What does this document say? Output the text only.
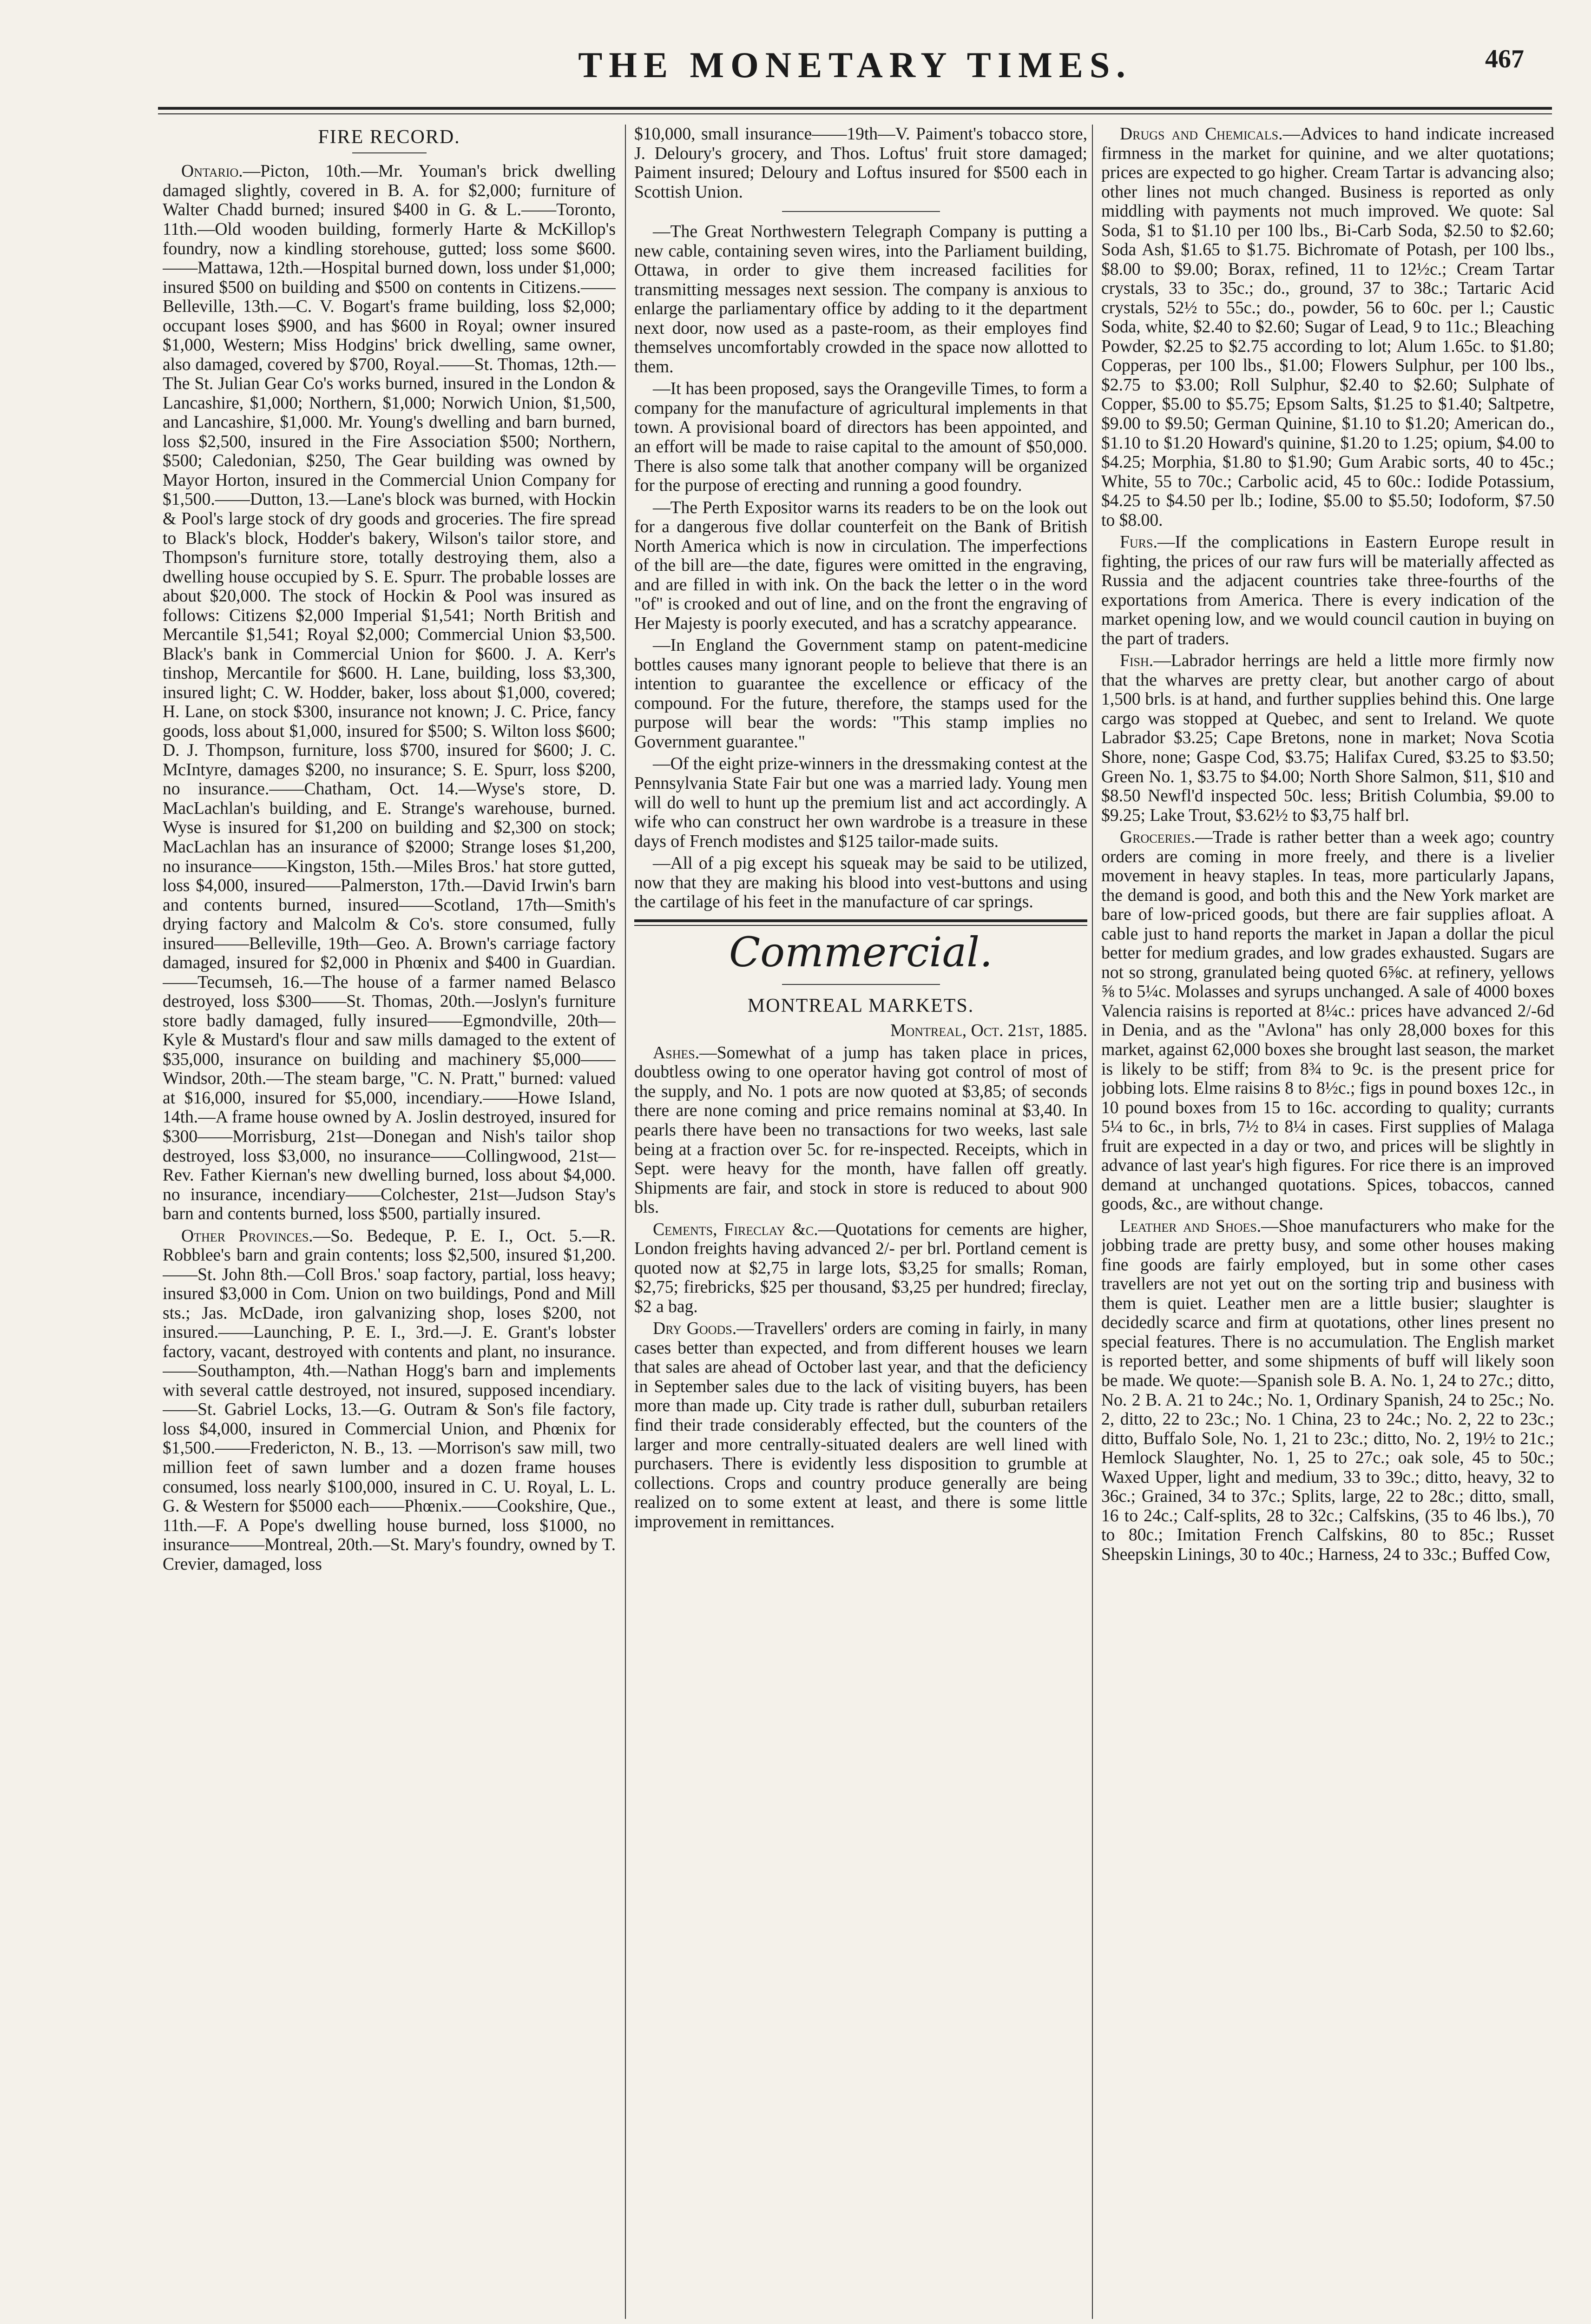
THE MONETARY TIMES.	467
FIRE RECORD.

Ontario.—Picton, 10th.—Mr. Youman's brick dwelling damaged slightly, covered in B. A. for $2,000; furniture of Walter Chadd burned; insured $400 in G. & L.——Toronto, 11th.—Old wooden building, formerly Harte & McKillop's foundry, now a kindling storehouse, gutted; loss some $600.——Mattawa, 12th.—Hospital burned down, loss under $1,000; insured $500 on building and $500 on contents in Citizens.——Belleville, 13th.—C. V. Bogart's frame building, loss $2,000; occupant loses $900, and has $600 in Royal; owner insured $1,000, Western; Miss Hodgins' brick dwelling, same owner, also damaged, covered by $700, Royal.——St. Thomas, 12th.—The St. Julian Gear Co's works burned, insured in the London & Lancashire, $1,000; Northern, $1,000; Norwich Union, $1,500, and Lancashire, $1,000. Mr. Young's dwelling and barn burned, loss $2,500, insured in the Fire Association $500; Northern, $500; Caledonian, $250, The Gear building was owned by Mayor Horton, insured in the Commercial Union Company for $1,500.——Dutton, 13.—Lane's block was burned, with Hockin & Pool's large stock of dry goods and groceries. The fire spread to Black's block, Hodder's bakery, Wilson's tailor store, and Thompson's furniture store, totally destroying them, also a dwelling house occupied by S. E. Spurr. The probable losses are about $20,000. The stock of Hockin & Pool was insured as follows: Citizens $2,000 Imperial $1,541; North British and Mercantile $1,541; Royal $2,000; Commercial Union $3,500. Black's bank in Commercial Union for $600. J. A. Kerr's tinshop, Mercantile for $600. H. Lane, building, loss $3,300, insured light; C. W. Hodder, baker, loss about $1,000, covered; H. Lane, on stock $300, insurance not known; J. C. Price, fancy goods, loss about $1,000, insured for $500; S. Wilton loss $600; D. J. Thompson, furniture, loss $700, insured for $600; J. C. McIntyre, damages $200, no insurance; S. E. Spurr, loss $200, no insurance.——Chatham, Oct. 14.—Wyse's store, D. MacLachlan's building, and E. Strange's warehouse, burned. Wyse is insured for $1,200 on building and $2,300 on stock; MacLachlan has an insurance of $2000; Strange loses $1,200, no insurance——Kingston, 15th.—Miles Bros.' hat store gutted, loss $4,000, insured——Palmerston, 17th.—David Irwin's barn and contents burned, insured——Scotland, 17th—Smith's drying factory and Malcolm & Co's. store consumed, fully insured——Belleville, 19th—Geo. A. Brown's carriage factory damaged, insured for $2,000 in Phœnix and $400 in Guardian. ——Tecumseh, 16.—The house of a farmer named Belasco destroyed, loss $300——St. Thomas, 20th.—Joslyn's furniture store badly damaged, fully insured——Egmondville, 20th—Kyle & Mustard's flour and saw mills damaged to the extent of $35,000, insurance on building and machinery $5,000——Windsor, 20th.—The steam barge, "C. N. Pratt," burned: valued at $16,000, insured for $5,000, incendiary.——Howe Island, 14th.—A frame house owned by A. Joslin destroyed, insured for $300——Morrisburg, 21st—Donegan and Nish's tailor shop destroyed, loss $3,000, no insurance——Collingwood, 21st—Rev. Father Kiernan's new dwelling burned, loss about $4,000. no insurance, incendiary——Colchester, 21st—Judson Stay's barn and contents burned, loss $500, partially insured.

Other Provinces.—So. Bedeque, P. E. I., Oct. 5.—R. Robblee's barn and grain contents; loss $2,500, insured $1,200.——St. John 8th.—Coll Bros.' soap factory, partial, loss heavy; insured $3,000 in Com. Union on two buildings, Pond and Mill sts.; Jas. McDade, iron galvanizing shop, loses $200, not insured.——Launching, P. E. I., 3rd.—J. E. Grant's lobster factory, vacant, destroyed with contents and plant, no insurance.——Southampton, 4th.—Nathan Hogg's barn and implements with several cattle destroyed, not insured, supposed incendiary.——St. Gabriel Locks, 13.—G. Outram & Son's file factory, loss $4,000, insured in Commercial Union, and Phœnix for $1,500.——Fredericton, N. B., 13. —Morrison's saw mill, two million feet of sawn lumber and a dozen frame houses consumed, loss nearly $100,000, insured in C. U. Royal, L. L. G. & Western for $5000 each——Phœnix.——Cookshire, Que., 11th.—F. A Pope's dwelling house burned, loss $1000, no insurance——Montreal, 20th.—St. Mary's foundry, owned by T. Crevier, damaged, loss

$10,000, small insurance——19th—V. Paiment's tobacco store, J. Deloury's grocery, and Thos. Loftus' fruit store damaged; Paiment insured; Deloury and Loftus insured for $500 each in Scottish Union.

—The Great Northwestern Telegraph Company is putting a new cable, containing seven wires, into the Parliament building, Ottawa, in order to give them increased facilities for transmitting messages next session. The company is anxious to enlarge the parliamentary office by adding to it the department next door, now used as a paste-room, as their employes find themselves uncomfortably crowded in the space now allotted to them.

—It has been proposed, says the Orangeville Times, to form a company for the manufacture of agricultural implements in that town. A provisional board of directors has been appointed, and an effort will be made to raise capital to the amount of $50,000. There is also some talk that another company will be organized for the purpose of erecting and running a good foundry.

—The Perth Expositor warns its readers to be on the look out for a dangerous five dollar counterfeit on the Bank of British North America which is now in circulation. The imperfections of the bill are—the date, figures were omitted in the engraving, and are filled in with ink. On the back the letter o in the word "of" is crooked and out of line, and on the front the engraving of Her Majesty is poorly executed, and has a scratchy appearance.

—In England the Government stamp on patent-medicine bottles causes many ignorant people to believe that there is an intention to guarantee the excellence or efficacy of the compound. For the future, therefore, the stamps used for the purpose will bear the words: "This stamp implies no Government guarantee."

—Of the eight prize-winners in the dressmaking contest at the Pennsylvania State Fair but one was a married lady. Young men will do well to hunt up the premium list and act accordingly. A wife who can construct her own wardrobe is a treasure in these days of French modistes and $125 tailor-made suits.

—All of a pig except his squeak may be said to be utilized, now that they are making his blood into vest-buttons and using the cartilage of his feet in the manufacture of car springs.

Commercial.
MONTREAL MARKETS.
Montreal, Oct. 21st, 1885.

Ashes.—Somewhat of a jump has taken place in prices, doubtless owing to one operator having got control of most of the supply, and No. 1 pots are now quoted at $3,85; of seconds there are none coming and price remains nominal at $3,40. In pearls there have been no transactions for two weeks, last sale being at a fraction over 5c. for re-inspected. Receipts, which in Sept. were heavy for the month, have fallen off greatly. Shipments are fair, and stock in store is reduced to about 900 bls.

Cements, Fireclay &c.—Quotations for cements are higher, London freights having advanced 2/- per brl. Portland cement is quoted now at $2,75 in large lots, $3,25 for smalls; Roman, $2,75; firebricks, $25 per thousand, $3,25 per hundred; fireclay, $2 a bag.

Dry Goods.—Travellers' orders are coming in fairly, in many cases better than expected, and from different houses we learn that sales are ahead of October last year, and that the deficiency in September sales due to the lack of visiting buyers, has been more than made up. City trade is rather dull, suburban retailers find their trade considerably effected, but the counters of the larger and more centrally-situated dealers are well lined with purchasers. There is evidently less disposition to grumble at collections. Crops and country produce generally are being realized on to some extent at least, and there is some little improvement in remittances.

Drugs and Chemicals.—Advices to hand indicate increased firmness in the market for quinine, and we alter quotations; prices are expected to go higher. Cream Tartar is advancing also; other lines not much changed. Business is reported as only middling with payments not much improved. We quote: Sal Soda, $1 to $1.10 per 100 lbs., Bi-Carb Soda, $2.50 to $2.60; Soda Ash, $1.65 to $1.75. Bichromate of Potash, per 100 lbs., $8.00 to $9.00; Borax, refined, 11 to 12½c.; Cream Tartar crystals, 33 to 35c.; do., ground, 37 to 38c.; Tartaric Acid crystals, 52½ to 55c.; do., powder, 56 to 60c. per l.; Caustic Soda, white, $2.40 to $2.60; Sugar of Lead, 9 to 11c.; Bleaching Powder, $2.25 to $2.75 according to lot; Alum 1.65c. to $1.80; Copperas, per 100 lbs., $1.00; Flowers Sulphur, per 100 lbs., $2.75 to $3.00; Roll Sulphur, $2.40 to $2.60; Sulphate of Copper, $5.00 to $5.75; Epsom Salts, $1.25 to $1.40; Saltpetre, $9.00 to $9.50; German Quinine, $1.10 to $1.20; American do., $1.10 to $1.20 Howard's quinine, $1.20 to 1.25; opium, $4.00 to $4.25; Morphia, $1.80 to $1.90; Gum Arabic sorts, 40 to 45c.; White, 55 to 70c.; Carbolic acid, 45 to 60c.: Iodide Potassium, $4.25 to $4.50 per lb.; Iodine, $5.00 to $5.50; Iodoform, $7.50 to $8.00.

Furs.—If the complications in Eastern Europe result in fighting, the prices of our raw furs will be materially affected as Russia and the adjacent countries take three-fourths of the exportations from America. There is every indication of the market opening low, and we would council caution in buying on the part of traders.

Fish.—Labrador herrings are held a little more firmly now that the wharves are pretty clear, but another cargo of about 1,500 brls. is at hand, and further supplies behind this. One large cargo was stopped at Quebec, and sent to Ireland. We quote Labrador $3.25; Cape Bretons, none in market; Nova Scotia Shore, none; Gaspe Cod, $3.75; Halifax Cured, $3.25 to $3.50; Green No. 1, $3.75 to $4.00; North Shore Salmon, $11, $10 and $8.50 Newfl'd inspected 50c. less; British Columbia, $9.00 to $9.25; Lake Trout, $3.62½ to $3,75 half brl.

Groceries.—Trade is rather better than a week ago; country orders are coming in more freely, and there is a livelier movement in heavy staples. In teas, more particularly Japans, the demand is good, and both this and the New York market are bare of low-priced goods, but there are fair supplies afloat. A cable just to hand reports the market in Japan a dollar the picul better for medium grades, and low grades exhausted. Sugars are not so strong, granulated being quoted 6⅝c. at refinery, yellows ⅝ to 5¼c. Molasses and syrups unchanged. A sale of 4000 boxes Valencia raisins is reported at 8¼c.: prices have advanced 2/-6d in Denia, and as the "Avlona" has only 28,000 boxes for this market, against 62,000 boxes she brought last season, the market is likely to be stiff; from 8¾ to 9c. is the present price for jobbing lots. Elme raisins 8 to 8½c.; figs in pound boxes 12c., in 10 pound boxes from 15 to 16c. according to quality; currants 5¼ to 6c., in brls, 7½ to 8¼ in cases. First supplies of Malaga fruit are expected in a day or two, and prices will be slightly in advance of last year's high figures. For rice there is an improved demand at unchanged quotations. Spices, tobaccos, canned goods, &c., are without change.

Leather and Shoes.—Shoe manufacturers who make for the jobbing trade are pretty busy, and some other houses making fine goods are fairly employed, but in some other cases travellers are not yet out on the sorting trip and business with them is quiet. Leather men are a little busier; slaughter is decidedly scarce and firm at quotations, other lines present no special features. There is no accumulation. The English market is reported better, and some shipments of buff will likely soon be made. We quote:—Spanish sole B. A. No. 1, 24 to 27c.; ditto, No. 2 B. A. 21 to 24c.; No. 1, Ordinary Spanish, 24 to 25c.; No. 2, ditto, 22 to 23c.; No. 1 China, 23 to 24c.; No. 2, 22 to 23c.; ditto, Buffalo Sole, No. 1, 21 to 23c.; ditto, No. 2, 19½ to 21c.; Hemlock Slaughter, No. 1, 25 to 27c.; oak sole, 45 to 50c.; Waxed Upper, light and medium, 33 to 39c.; ditto, heavy, 32 to 36c.; Grained, 34 to 37c.; Splits, large, 22 to 28c.; ditto, small, 16 to 24c.; Calf-splits, 28 to 32c.; Calfskins, (35 to 46 lbs.), 70 to 80c.; Imitation French Calfskins, 80 to 85c.; Russet Sheepskin Linings, 30 to 40c.; Harness, 24 to 33c.; Buffed Cow,
